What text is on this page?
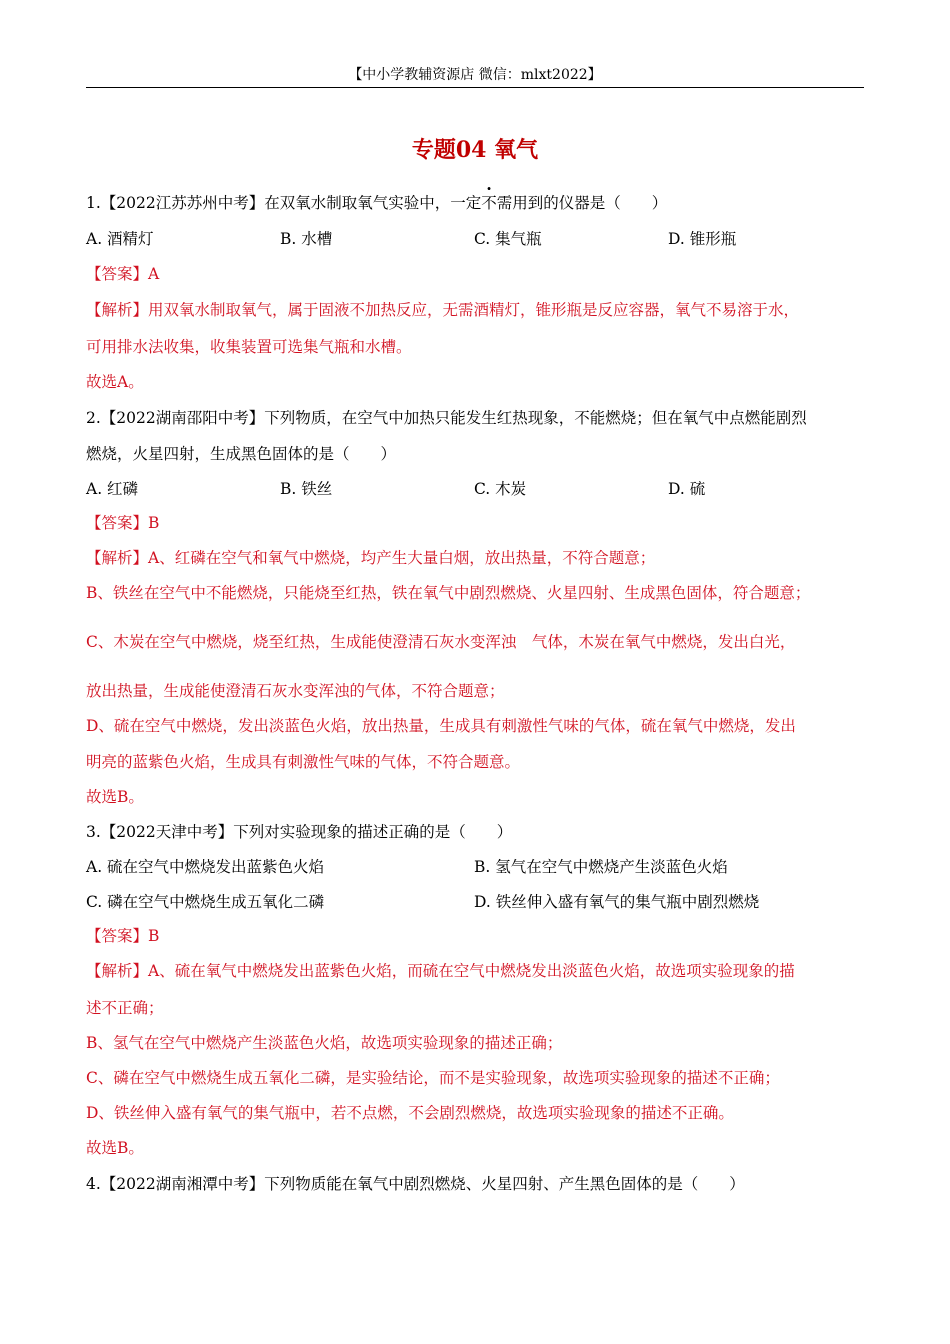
【中小学教辅资源店 微信：mlxt2022】
专题04 氧气
1.【2022江苏苏州中考】在双氧水制取氧气实验中，一定不需用到的仪器是（　　）
A. 酒精灯	B. 水槽	C. 集气瓶	D. 锥形瓶
【答案】A
【解析】用双氧水制取氧气，属于固液不加热反应，无需酒精灯，锥形瓶是反应容器，氧气不易溶于水，
可用排水法收集，收集装置可选集气瓶和水槽。
故选A。
2.【2022湖南邵阳中考】下列物质，在空气中加热只能发生红热现象，不能燃烧；但在氧气中点燃能剧烈
燃烧，火星四射，生成黑色固体的是（　　）
A. 红磷	B. 铁丝	C. 木炭	D. 硫
【答案】B
【解析】A、红磷在空气和氧气中燃烧，均产生大量白烟，放出热量，不符合题意；
B、铁丝在空气中不能燃烧，只能烧至红热，铁在氧气中剧烈燃烧、火星四射、生成黑色固体，符合题意；
C、木炭在空气中燃烧，烧至红热，生成能使澄清石灰水变浑浊　气体，木炭在氧气中燃烧，发出白光，
放出热量，生成能使澄清石灰水变浑浊的气体，不符合题意；
D、硫在空气中燃烧，发出淡蓝色火焰，放出热量，生成具有刺激性气味的气体，硫在氧气中燃烧，发出
明亮的蓝紫色火焰，生成具有刺激性气味的气体，不符合题意。
故选B。
3.【2022天津中考】下列对实验现象的描述正确的是（　　）
A. 硫在空气中燃烧发出蓝紫色火焰	B. 氢气在空气中燃烧产生淡蓝色火焰
C. 磷在空气中燃烧生成五氧化二磷	D. 铁丝伸入盛有氧气的集气瓶中剧烈燃烧
【答案】B
【解析】A、硫在氧气中燃烧发出蓝紫色火焰，而硫在空气中燃烧发出淡蓝色火焰，故选项实验现象的描
述不正确；
B、氢气在空气中燃烧产生淡蓝色火焰，故选项实验现象的描述正确；
C、磷在空气中燃烧生成五氧化二磷，是实验结论，而不是实验现象，故选项实验现象的描述不正确；
D、铁丝伸入盛有氧气的集气瓶中，若不点燃，不会剧烈燃烧，故选项实验现象的描述不正确。
故选B。
4.【2022湖南湘潭中考】下列物质能在氧气中剧烈燃烧、火星四射、产生黑色固体的是（　　）
